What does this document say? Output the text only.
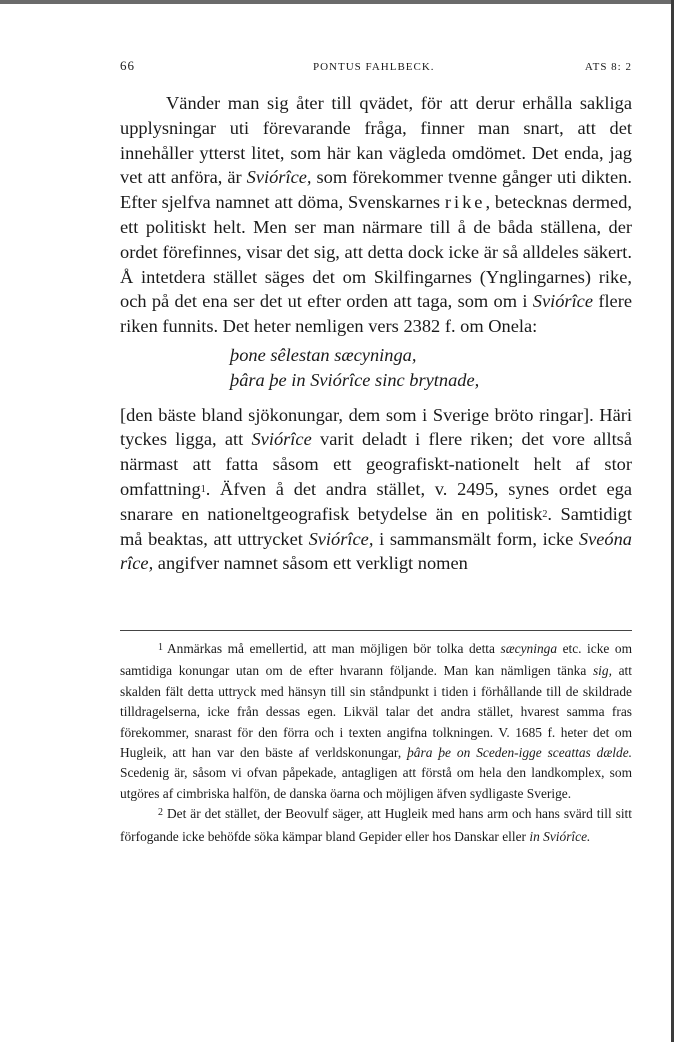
66	PONTUS FAHLBECK.	ATS 8: 2

Vänder man sig åter till qvädet, för att derur erhålla sakliga upplysningar uti förevarande fråga, finner man snart, att det innehåller ytterst litet, som här kan vägleda omdömet. Det enda, jag vet att anföra, är Sviórîce, som förekommer tvenne gånger uti dikten. Efter sjelfva namnet att döma, Svenskarnes rike, betecknas dermed, ett politiskt helt. Men ser man närmare till å de båda ställena, der ordet förefinnes, visar det sig, att detta dock icke är så alldeles säkert. Å intetdera stället säges det om Skilfingarnes (Ynglingarnes) rike, och på det ena ser det ut efter orden att taga, som om i Sviórîce flere riken funnits. Det heter nemligen vers 2382 f. om Onela:

þone sêlestan sæcyninga,

þâra þe in Sviórîce sinc brytnade,

[den bäste bland sjökonungar, dem som i Sverige bröto ringar]. Häri tyckes ligga, att Sviórîce varit deladt i flere riken; det vore alltså närmast att fatta såsom ett geografiskt-nationelt helt af stor omfattning$^1$. Äfven å det andra stället, v. 2495, synes ordet ega snarare en nationeltgeografisk betydelse än en politisk$^2$. Samtidigt må beaktas, att uttrycket Sviórîce, i sammansmält form, icke Sveóna rîce, angifver namnet såsom ett verkligt nomen

$^1$ Anmärkas må emellertid, att man möjligen bör tolka detta sæcyninga etc. icke om samtidiga konungar utan om de efter hvarann följande. Man kan nämligen tänka sig, att skalden fält detta uttryck med hänsyn till sin ståndpunkt i tiden i förhållande till de skildrade tilldragelserna, icke från dessas egen. Likväl talar det andra stället, hvarest samma fras förekommer, snarast för den förra och i texten angifna tolkningen. V. 1685 f. heter det om Hugleik, att han var den bäste af verldskonungar, þâra þe on Sceden-igge sceattas dælde. Scedenig är, såsom vi ofvan påpekade, antagligen att förstå om hela den landkomplex, som utgöres af cimbriska halfön, de danska öarna och möjligen äfven sydligaste Sverige.

$^2$ Det är det stället, der Beovulf säger, att Hugleik med hans arm och hans svärd till sitt förfogande icke behöfde söka kämpar bland Gepider eller hos Danskar eller in Sviórîce.
